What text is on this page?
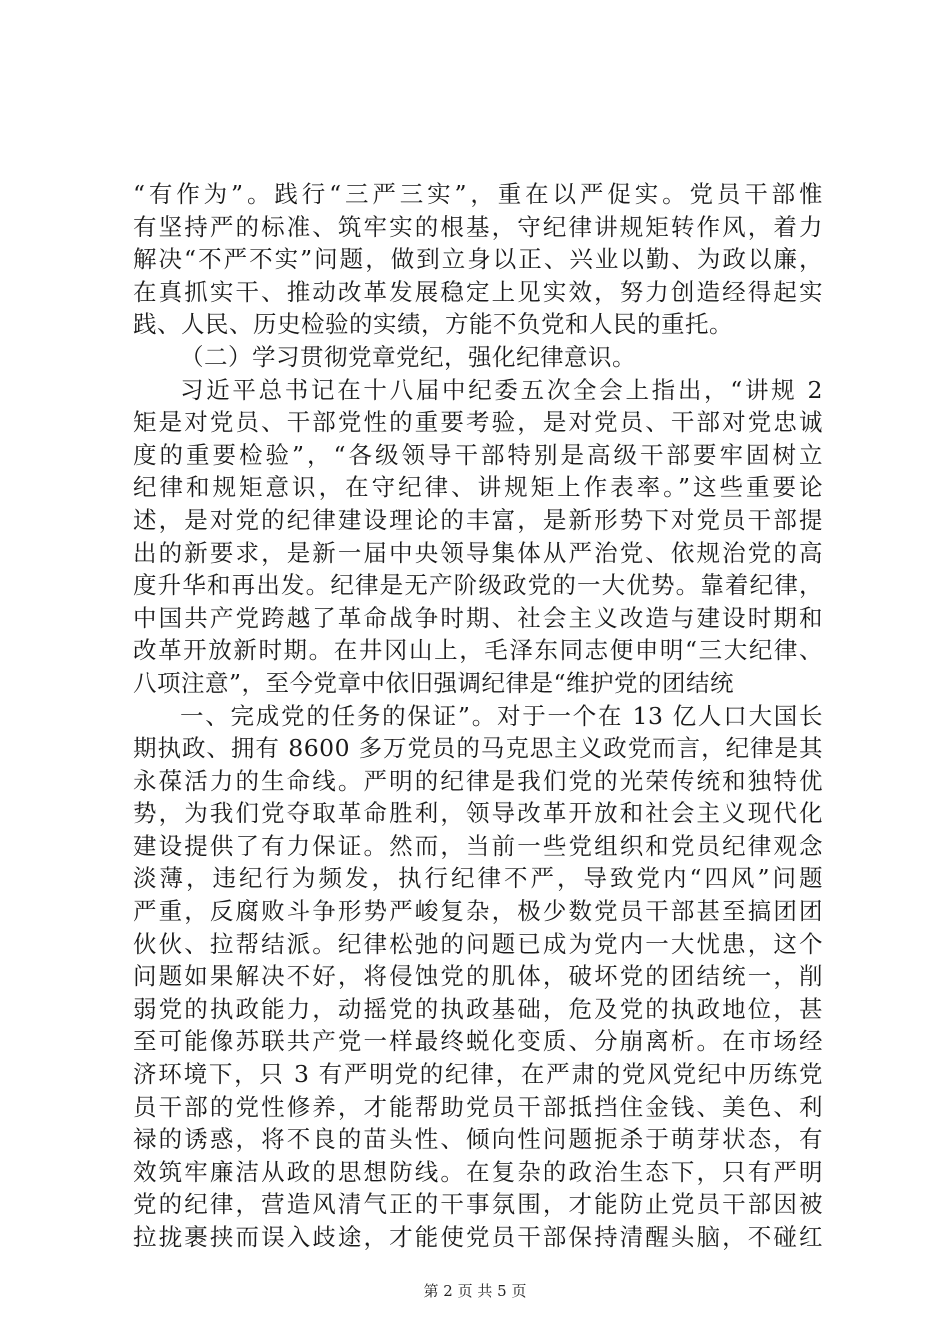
“有作为”。践行“三严三实”，重在以严促实。党员干部惟
有坚持严的标准、筑牢实的根基，守纪律讲规矩转作风，着力
解决“不严不实”问题，做到立身以正、兴业以勤、为政以廉，
在真抓实干、推动改革发展稳定上见实效，努力创造经得起实
践、人民、历史检验的实绩，方能不负党和人民的重托。
（二）学习贯彻党章党纪，强化纪律意识。
习近平总书记在十八届中纪委五次全会上指出，“讲规 2
矩是对党员、干部党性的重要考验，是对党员、干部对党忠诚
度的重要检验”，“各级领导干部特别是高级干部要牢固树立
纪律和规矩意识，在守纪律、讲规矩上作表率。”这些重要论
述，是对党的纪律建设理论的丰富，是新形势下对党员干部提
出的新要求，是新一届中央领导集体从严治党、依规治党的高
度升华和再出发。纪律是无产阶级政党的一大优势。靠着纪律，
中国共产党跨越了革命战争时期、社会主义改造与建设时期和
改革开放新时期。在井冈山上，毛泽东同志便申明“三大纪律、
八项注意”，至今党章中依旧强调纪律是“维护党的团结统
一、完成党的任务的保证”。对于一个在 13 亿人口大国长
期执政、拥有 8600 多万党员的马克思主义政党而言，纪律是其
永葆活力的生命线。严明的纪律是我们党的光荣传统和独特优
势，为我们党夺取革命胜利，领导改革开放和社会主义现代化
建设提供了有力保证。然而，当前一些党组织和党员纪律观念
淡薄，违纪行为频发，执行纪律不严，导致党内“四风”问题
严重，反腐败斗争形势严峻复杂，极少数党员干部甚至搞团团
伙伙、拉帮结派。纪律松弛的问题已成为党内一大忧患，这个
问题如果解决不好，将侵蚀党的肌体，破坏党的团结统一，削
弱党的执政能力，动摇党的执政基础，危及党的执政地位，甚
至可能像苏联共产党一样最终蜕化变质、分崩离析。在市场经
济环境下，只 3 有严明党的纪律，在严肃的党风党纪中历练党
员干部的党性修养，才能帮助党员干部抵挡住金钱、美色、利
禄的诱惑，将不良的苗头性、倾向性问题扼杀于萌芽状态，有
效筑牢廉洁从政的思想防线。在复杂的政治生态下，只有严明
党的纪律，营造风清气正的干事氛围，才能防止党员干部因被
拉拢裹挟而误入歧途，才能使党员干部保持清醒头脑，不碰红
第 2 页 共 5 页
